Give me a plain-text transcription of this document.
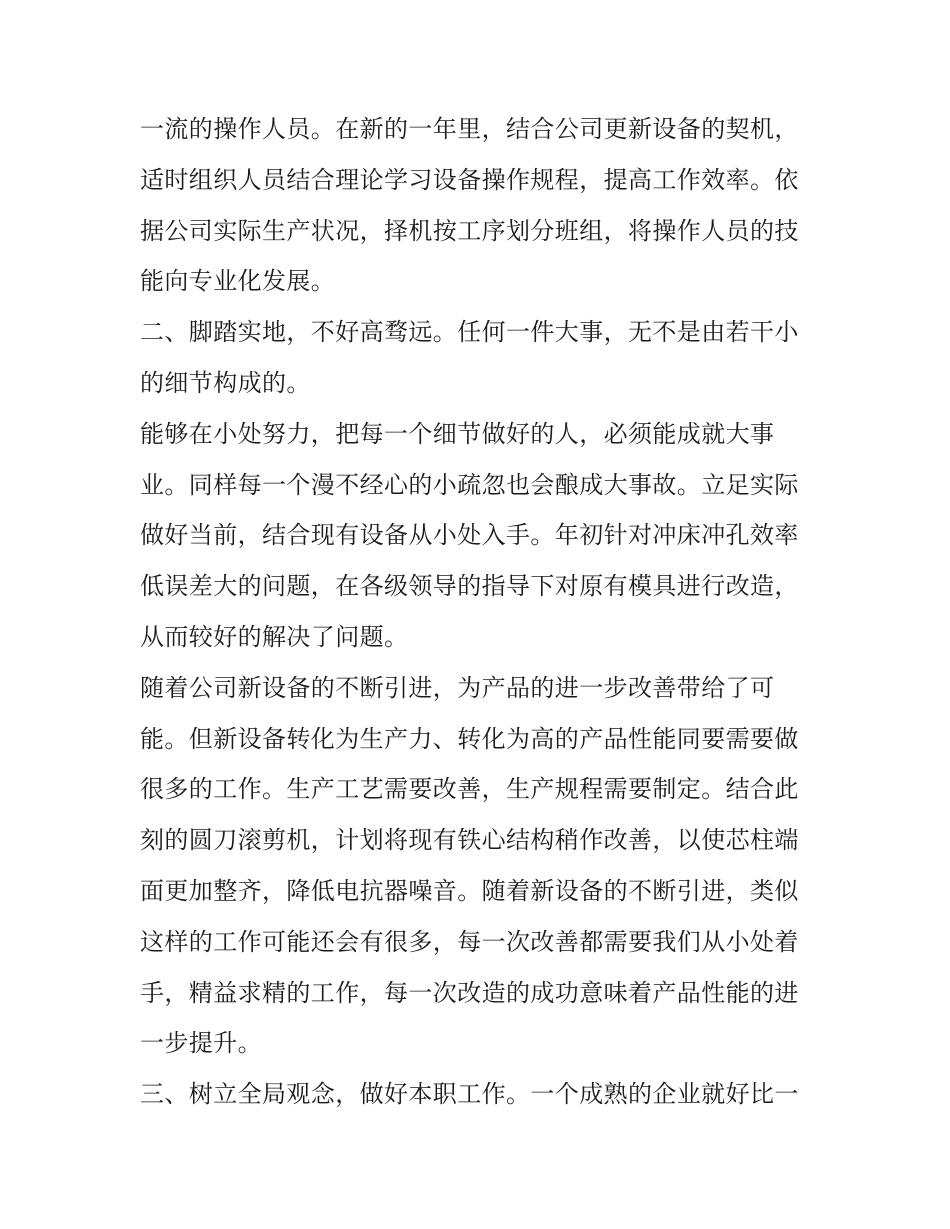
一流的操作人员。在新的一年里，结合公司更新设备的契机，
适时组织人员结合理论学习设备操作规程，提高工作效率。依
据公司实际生产状况，择机按工序划分班组，将操作人员的技
能向专业化发展。
二、脚踏实地，不好高骛远。任何一件大事，无不是由若干小
的细节构成的。
能够在小处努力，把每一个细节做好的人，必须能成就大事
业。同样每一个漫不经心的小疏忽也会酿成大事故。立足实际
做好当前，结合现有设备从小处入手。年初针对冲床冲孔效率
低误差大的问题，在各级领导的指导下对原有模具进行改造，
从而较好的解决了问题。
随着公司新设备的不断引进，为产品的进一步改善带给了可
能。但新设备转化为生产力、转化为高的产品性能同要需要做
很多的工作。生产工艺需要改善，生产规程需要制定。结合此
刻的圆刀滚剪机，计划将现有铁心结构稍作改善，以使芯柱端
面更加整齐，降低电抗器噪音。随着新设备的不断引进，类似
这样的工作可能还会有很多，每一次改善都需要我们从小处着
手，精益求精的工作，每一次改造的成功意味着产品性能的进
一步提升。
三、树立全局观念，做好本职工作。一个成熟的企业就好比一
